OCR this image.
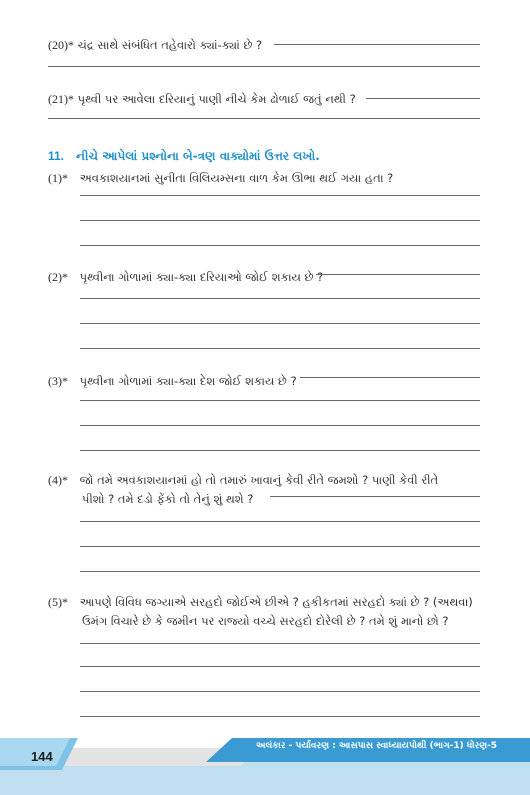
(20)* ચંદ્ર સાથે સંબંધિત તહેવારો ક્યાં-ક્યાં છે ?
(21)* પૃથ્વી પર આવેલા દરિયાનું પાણી નીચે કેમ ઢોળાઈ જતું નથી ?
11. નીચે આપેલાં પ્રશ્નોના બે-ત્રણ વાક્યોમાં ઉત્તર લખો.
(1)* અવકાશયાનમાં સુનીતા વિલિયમ્સના વાળ કેમ ઊભા થઈ ગયા હતા ?
(2)* પૃથ્વીના ગોળામાં ક્યા-ક્યા દરિયાઓ જોઈ શકાય છે ?
(3)* પૃથ્વીના ગોળામાં ક્યા-ક્યા દેશ જોઈ શકાય છે ?
(4)* જો તમે અવકાશયાનમાં હો તો તમારું ખાવાનું કેવી રીતે જમશો ? પાણી કેવી રીતે
પીશો ? તમે દડો ફેંકો તો તેનું શું થશે ?
(5)* આપણે વિવિધ જગ્યાએ સરહદો જોઈએ છીએ ? હકીકતમાં સરહદો ક્યાં છે ? (અથવા)
ઉમંગ વિચારે છે કે જમીન પર રાજ્યો વચ્ચે સરહદો દોરેલી છે ? તમે શું માનો છો ?
144
અલંકાર - પર્યાવરણ : આસપાસ સ્વાધ્યાયપોથી (ભાગ-1) ધોરણ-5
